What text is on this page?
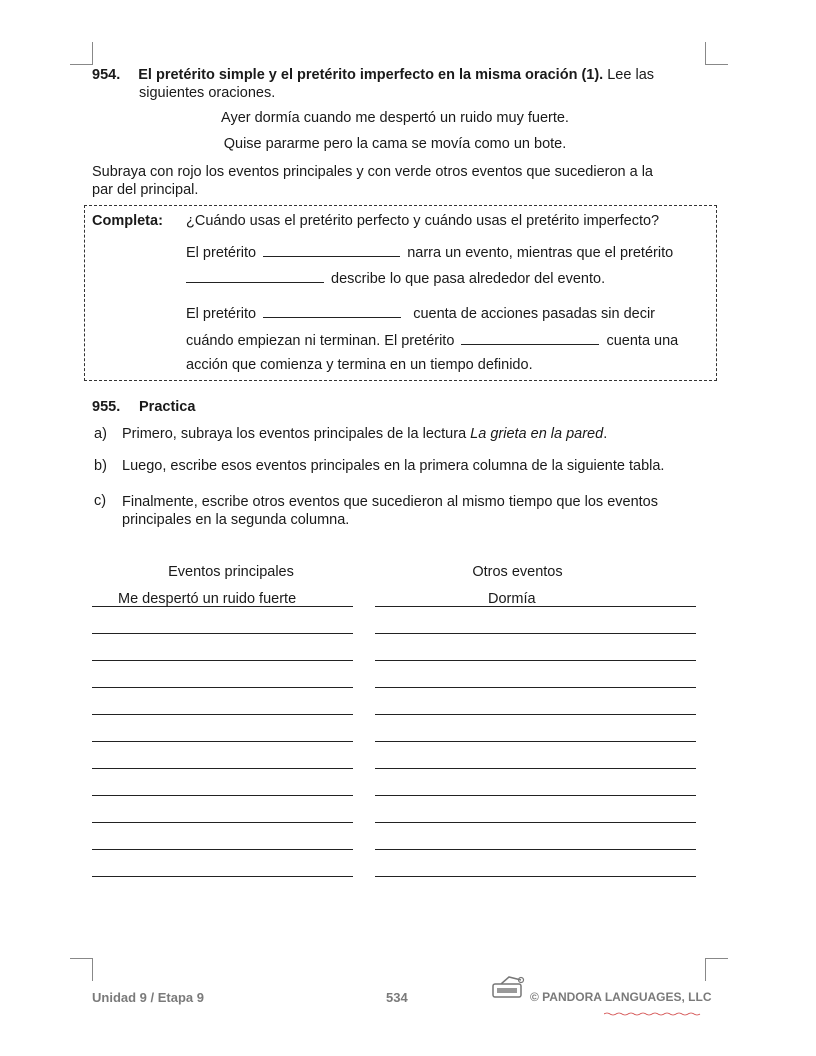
954. El pretérito simple y el pretérito imperfecto en la misma oración (1). Lee las
siguientes oraciones.
Ayer dormía cuando me despertó un ruido muy fuerte.
Quise pararme pero la cama se movía como un bote.
Subraya con rojo los eventos principales y con verde otros eventos que sucedieron a la
par del principal.
Completa: ¿Cuándo usas el pretérito perfecto y cuándo usas el pretérito imperfecto?
El pretérito	narra un evento, mientras que el pretérito
describe lo que pasa alrededor del evento.
El pretérito	cuenta de acciones pasadas sin decir
cuándo empiezan ni terminan. El pretérito	cuenta una
acción que comienza y termina en un tiempo definido.
955. Practica
a) Primero, subraya los eventos principales de la lectura La grieta en la pared.
b) Luego, escribe esos eventos principales en la primera columna de la siguiente tabla.
c) Finalmente, escribe otros eventos que sucedieron al mismo tiempo que los eventos
principales en la segunda columna.
Eventos principales	Otros eventos
Me despertó un ruido fuerte	Dormía
Unidad 9 / Etapa 9	534	© PANDORA LANGUAGES, LLC
